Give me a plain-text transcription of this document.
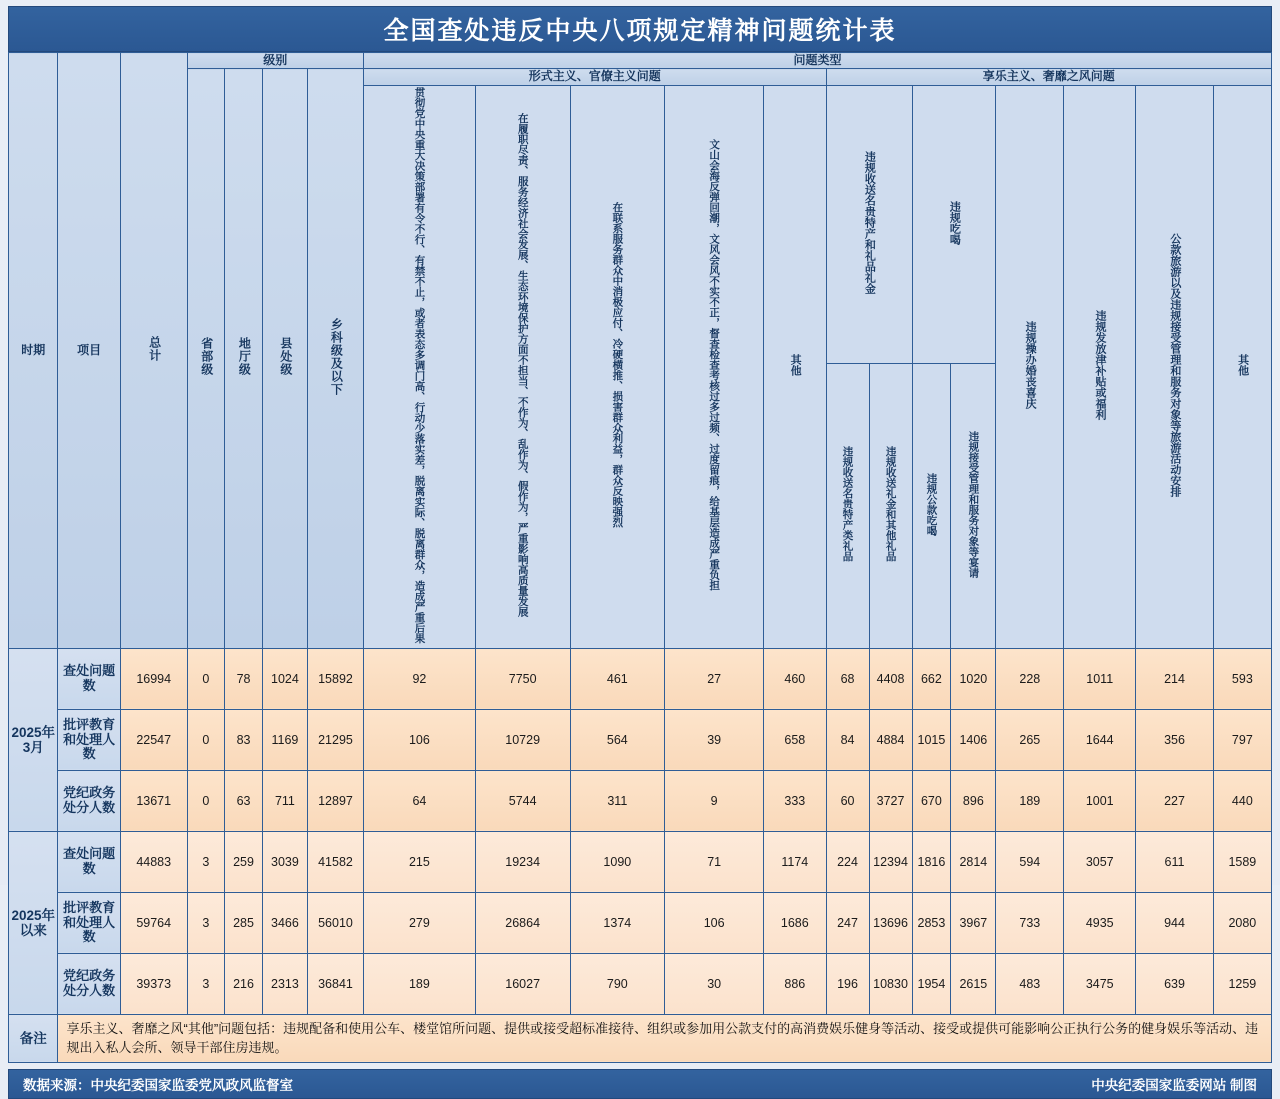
全国查处违反中央八项规定精神问题统计表
时期	项目	总计	级别				问题类型												
			省部级	地厅级	县处级	乡科级及以下	形式主义、官僚主义问题					享乐主义、奢靡之风问题							
							贯彻党中央重大决策部署有令不行、有禁不止，或者表态多调门高、行动少落实差，脱离实际、脱离群众，造成严重后果	在履职尽责、服务经济社会发展、生态环境保护方面不担当、不作为、乱作为、假作为，严重影响高质量发展	在联系服务群众中消极应付、冷硬横推、损害群众利益，群众反映强烈	文山会海反弹回潮，文风会风不实不正，督查检查考核过多过频、过度留痕，给基层造成严重负担	其他	违规收送名贵特产和礼品礼金		违规吃喝		违规操办婚丧喜庆	违规发放津补贴或福利	公款旅游以及违规接受管理和服务对象等旅游活动安排	其他
												违规收送名贵特产类礼品	违规收送礼金和其他礼品	违规公款吃喝	违规接受管理和服务对象等宴请				
2025年3月	查处问题数	16994	0	78	1024	15892	92	7750	461	27	460	68	4408	662	1020	228	1011	214	593
	批评教育和处理人数	22547	0	83	1169	21295	106	10729	564	39	658	84	4884	1015	1406	265	1644	356	797
	党纪政务处分人数	13671	0	63	711	12897	64	5744	311	9	333	60	3727	670	896	189	1001	227	440
2025年以来	查处问题数	44883	3	259	3039	41582	215	19234	1090	71	1174	224	12394	1816	2814	594	3057	611	1589
	批评教育和处理人数	59764	3	285	3466	56010	279	26864	1374	106	1686	247	13696	2853	3967	733	4935	944	2080
	党纪政务处分人数	39373	3	216	2313	36841	189	16027	790	30	886	196	10830	1954	2615	483	3475	639	1259
备注	享乐主义、奢靡之风“其他”问题包括：违规配备和使用公车、楼堂馆所问题、提供或接受超标准接待、组织或参加用公款支付的高消费娱乐健身等活动、接受或提供可能影响公正执行公务的健身娱乐等活动、违规出入私人会所、领导干部住房违规。																		
数据来源：中央纪委国家监委党风政风监督室	中央纪委国家监委网站 制图
